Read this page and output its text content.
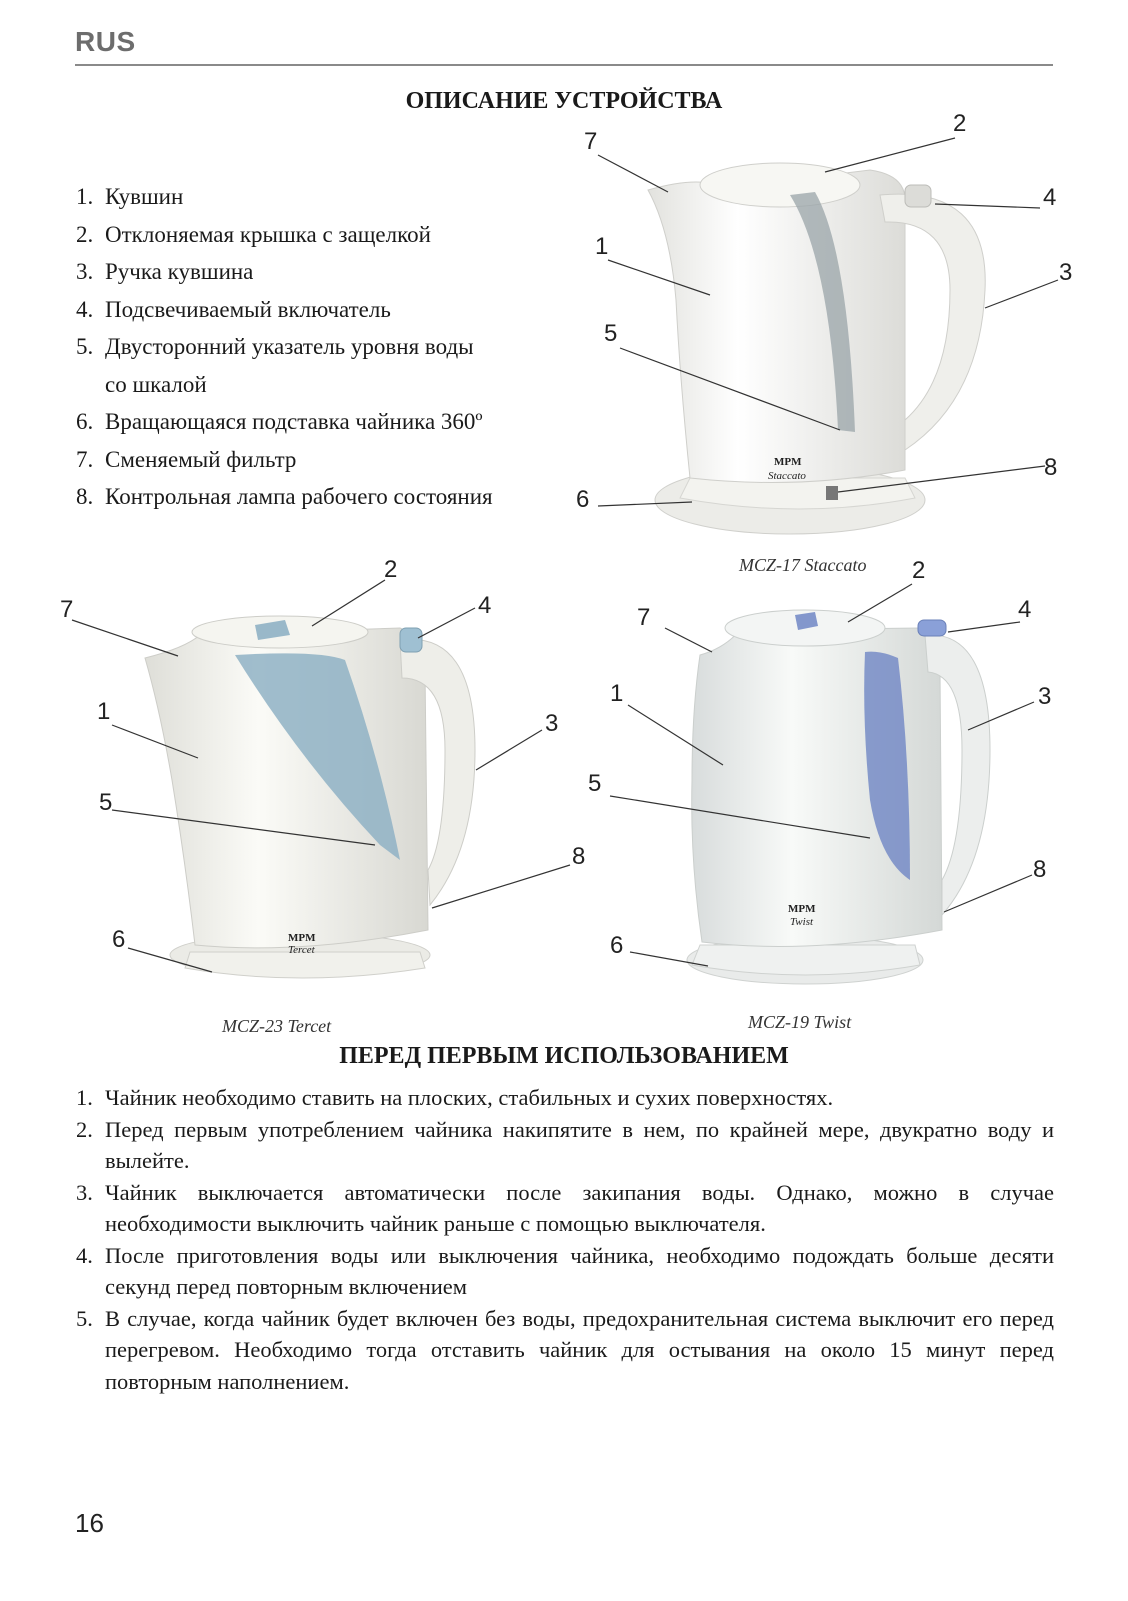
RUS
ОПИСАНИЕ УСТРОЙСТВА
1. Кувшин
2. Отклоняемая крышка с защелкой
3. Ручка кувшина
4. Подсвечиваемый включатель
5. Двусторонний указатель уровня воды
со шкалой
6. Вращающаяся подставка чайника 360º
7. Сменяемый фильтр
8. Контрольная лампа рабочего состояния
MPM
Staccato
7
2
4
3
1
5
8
6
MCZ-17 Staccato
MPM
Tercet
2
7	4
1	3
5
8
6
MCZ-23 Tercet
MPM
Twist
2
7	4
1	3
5
8
6
MCZ-19 Twist
ПЕРЕД ПЕРВЫМ ИСПОЛЬЗОВАНИЕМ
1. Чайник необходимо ставить на плоских, стабильных и сухих поверхностях.
2. Перед первым употреблением чайника накипятите в нем, по крайней мере, двукратно воду и вылейте.
3. Чайник выключается автоматически после закипания воды. Однако, можно в случае необходимости выключить чайник раньше с помощью выключателя.
4. После приготовления воды или выключения чайника, необходимо подождать больше десяти секунд перед повторным включением
5. В случае, когда чайник будет включен без воды, предохранительная система выключит его перед перегревом. Необходимо тогда отставить чайник для остывания на около 15 минут перед повторным наполнением.
16
